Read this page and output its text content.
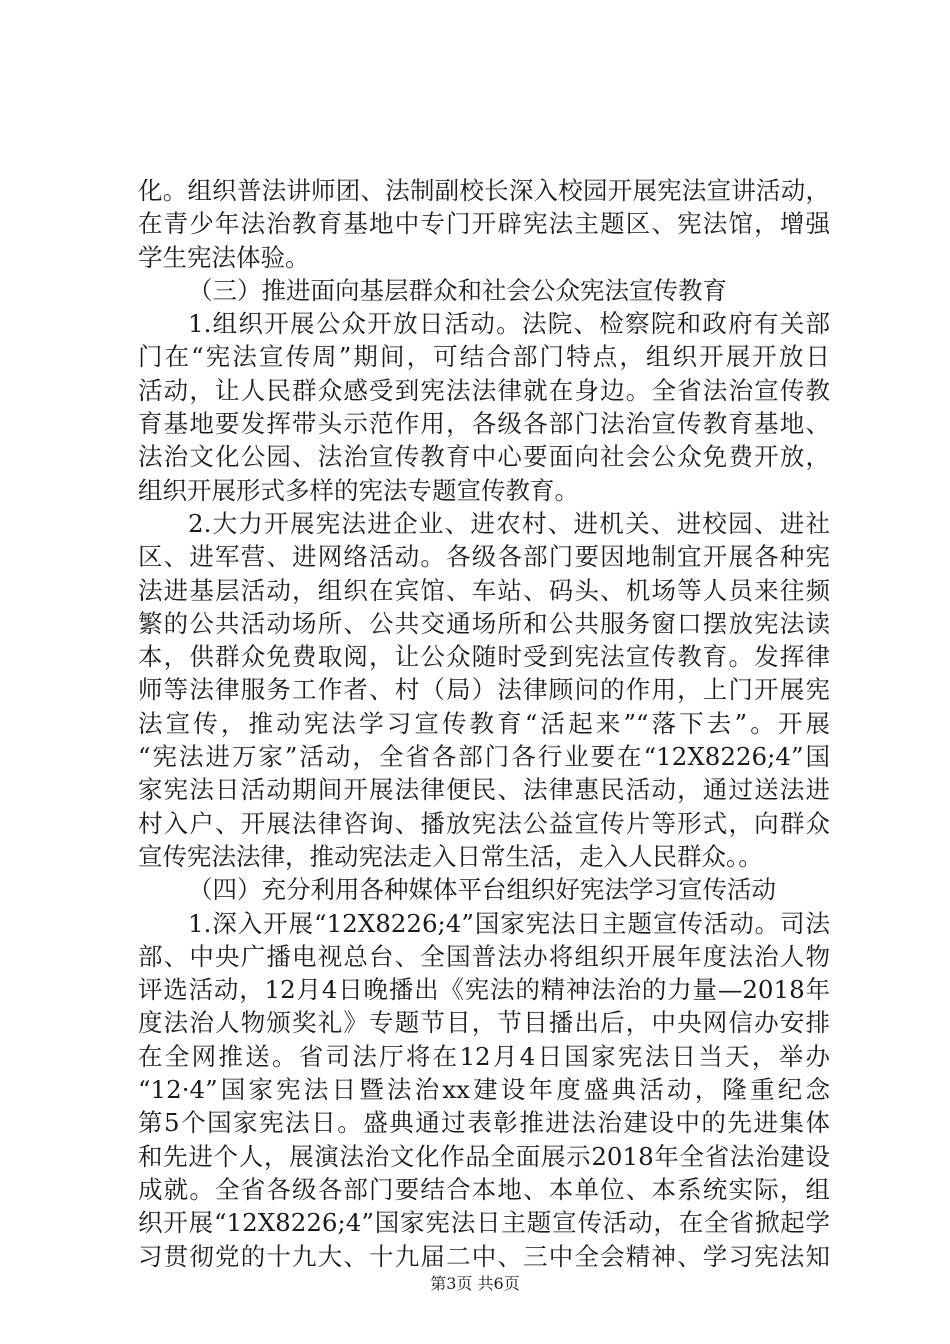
化。组织普法讲师团、法制副校长深入校园开展宪法宣讲活动，
在青少年法治教育基地中专门开辟宪法主题区、宪法馆，增强
学生宪法体验。
（三）推进面向基层群众和社会公众宪法宣传教育
1.组织开展公众开放日活动。法院、检察院和政府有关部
门在“宪法宣传周”期间，可结合部门特点，组织开展开放日
活动，让人民群众感受到宪法法律就在身边。全省法治宣传教
育基地要发挥带头示范作用，各级各部门法治宣传教育基地、
法治文化公园、法治宣传教育中心要面向社会公众免费开放，
组织开展形式多样的宪法专题宣传教育。
2.大力开展宪法进企业、进农村、进机关、进校园、进社
区、进军营、进网络活动。各级各部门要因地制宜开展各种宪
法进基层活动，组织在宾馆、车站、码头、机场等人员来往频
繁的公共活动场所、公共交通场所和公共服务窗口摆放宪法读
本，供群众免费取阅，让公众随时受到宪法宣传教育。发挥律
师等法律服务工作者、村（局）法律顾问的作用，上门开展宪
法宣传，推动宪法学习宣传教育“活起来”“落下去”。开展
“宪法进万家”活动，全省各部门各行业要在“12X8226;4”国
家宪法日活动期间开展法律便民、法律惠民活动，通过送法进
村入户、开展法律咨询、播放宪法公益宣传片等形式，向群众
宣传宪法法律，推动宪法走入日常生活，走入人民群众。。
（四）充分利用各种媒体平台组织好宪法学习宣传活动
1.深入开展“12X8226;4”国家宪法日主题宣传活动。司法
部、中央广播电视总台、全国普法办将组织开展年度法治人物
评选活动，12月4日晚播出《宪法的精神法治的力量—2018年
度法治人物颁奖礼》专题节目，节目播出后，中央网信办安排
在全网推送。省司法厅将在12月4日国家宪法日当天，举办
“12·4”国家宪法日暨法治xx建设年度盛典活动，隆重纪念
第5个国家宪法日。盛典通过表彰推进法治建设中的先进集体
和先进个人，展演法治文化作品全面展示2018年全省法治建设
成就。全省各级各部门要结合本地、本单位、本系统实际，组
织开展“12X8226;4”国家宪法日主题宣传活动，在全省掀起学
习贯彻党的十九大、十九届二中、三中全会精神、学习宪法知
第3页 共6页
